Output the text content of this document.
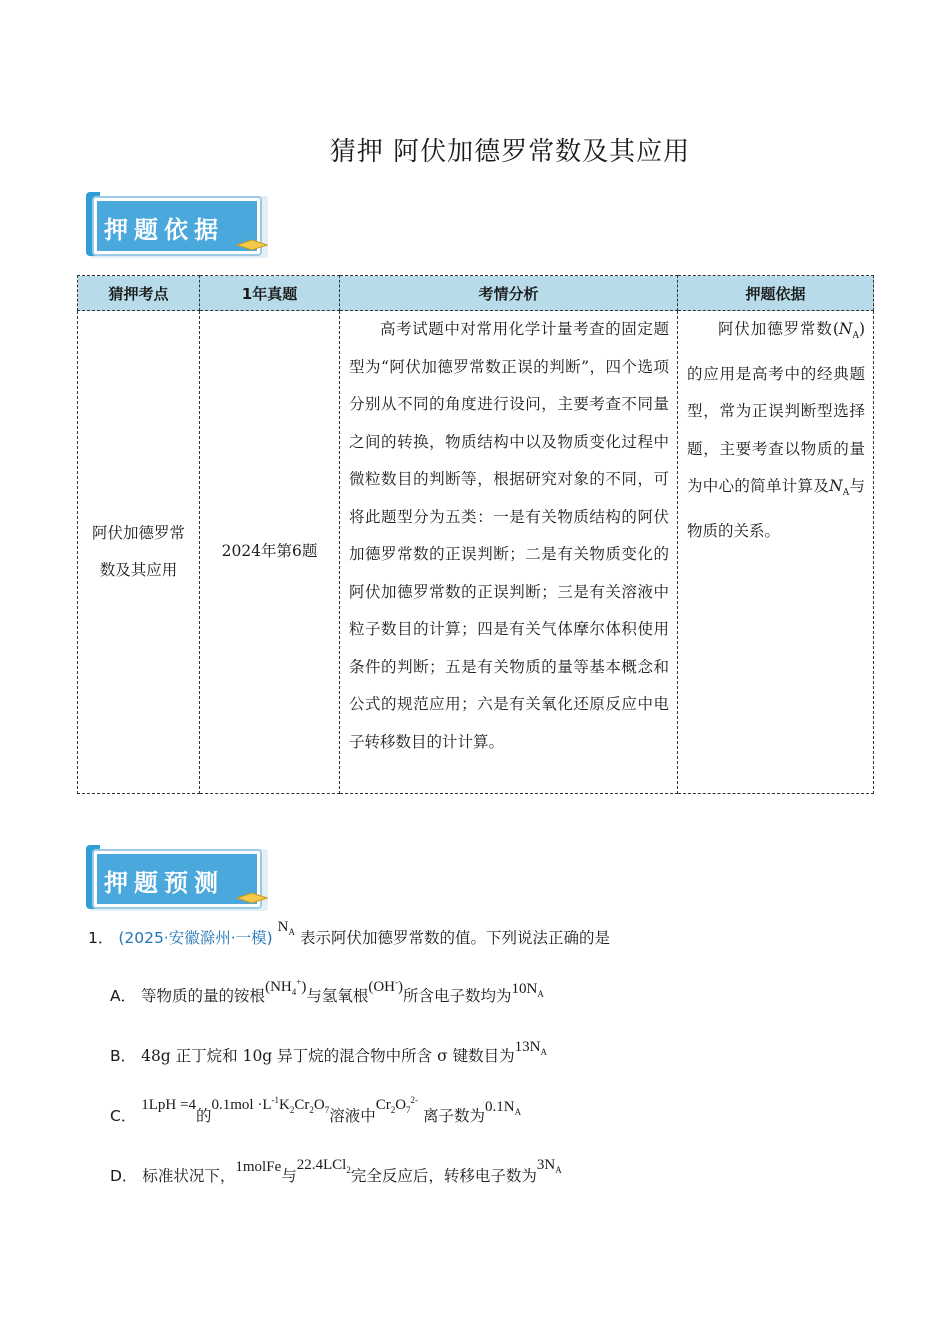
猜押 阿伏加德罗常数及其应用
押题依据
猜押考点	1年真题	考情分析	押题依据
阿伏加德罗常数及其应用	2024年第6题	高考试题中对常用化学计量考查的固定题型为“阿伏加德罗常数正误的判断”，四个选项分别从不同的角度进行设问，主要考查不同量之间的转换，物质结构中以及物质变化过程中微粒数目的判断等，根据研究对象的不同，可将此题型分为五类：一是有关物质结构的阿伏加德罗常数的正误判断；二是有关物质变化的阿伏加德罗常数的正误判断；三是有关溶液中粒子数目的计算；四是有关气体摩尔体积使用条件的判断；五是有关物质的量等基本概念和公式的规范应用；六是有关氧化还原反应中电子转移数目的计计算。	阿伏加德罗常数$(N_A)$的应用是高考中的经典题型，常为正误判断型选择题，主要考查以物质的量为中心的简单计算及$N_A$与物质的关系。
押题预测
1． (2025·安徽滁州·一模) $N_A$ 表示阿伏加德罗常数的值。下列说法正确的是
A． 等物质的量的铵根$(NH_4^+)$与氢氧根(OH-)所含电子数均为$10N_A$
B． 48g 正丁烷和 10g 异丁烷的混合物中所含 σ 键数目为$13N_A$
C． 1LpH =4的$0.1mol \cdot L^{-1}K_2Cr_2O_7$溶液中$Cr_2O_7^{2-}$ 离子数为$0.1N_A$
D． 标准状况下，1molFe与22.4LCl$_2$完全反应后，转移电子数为$3N_A$
